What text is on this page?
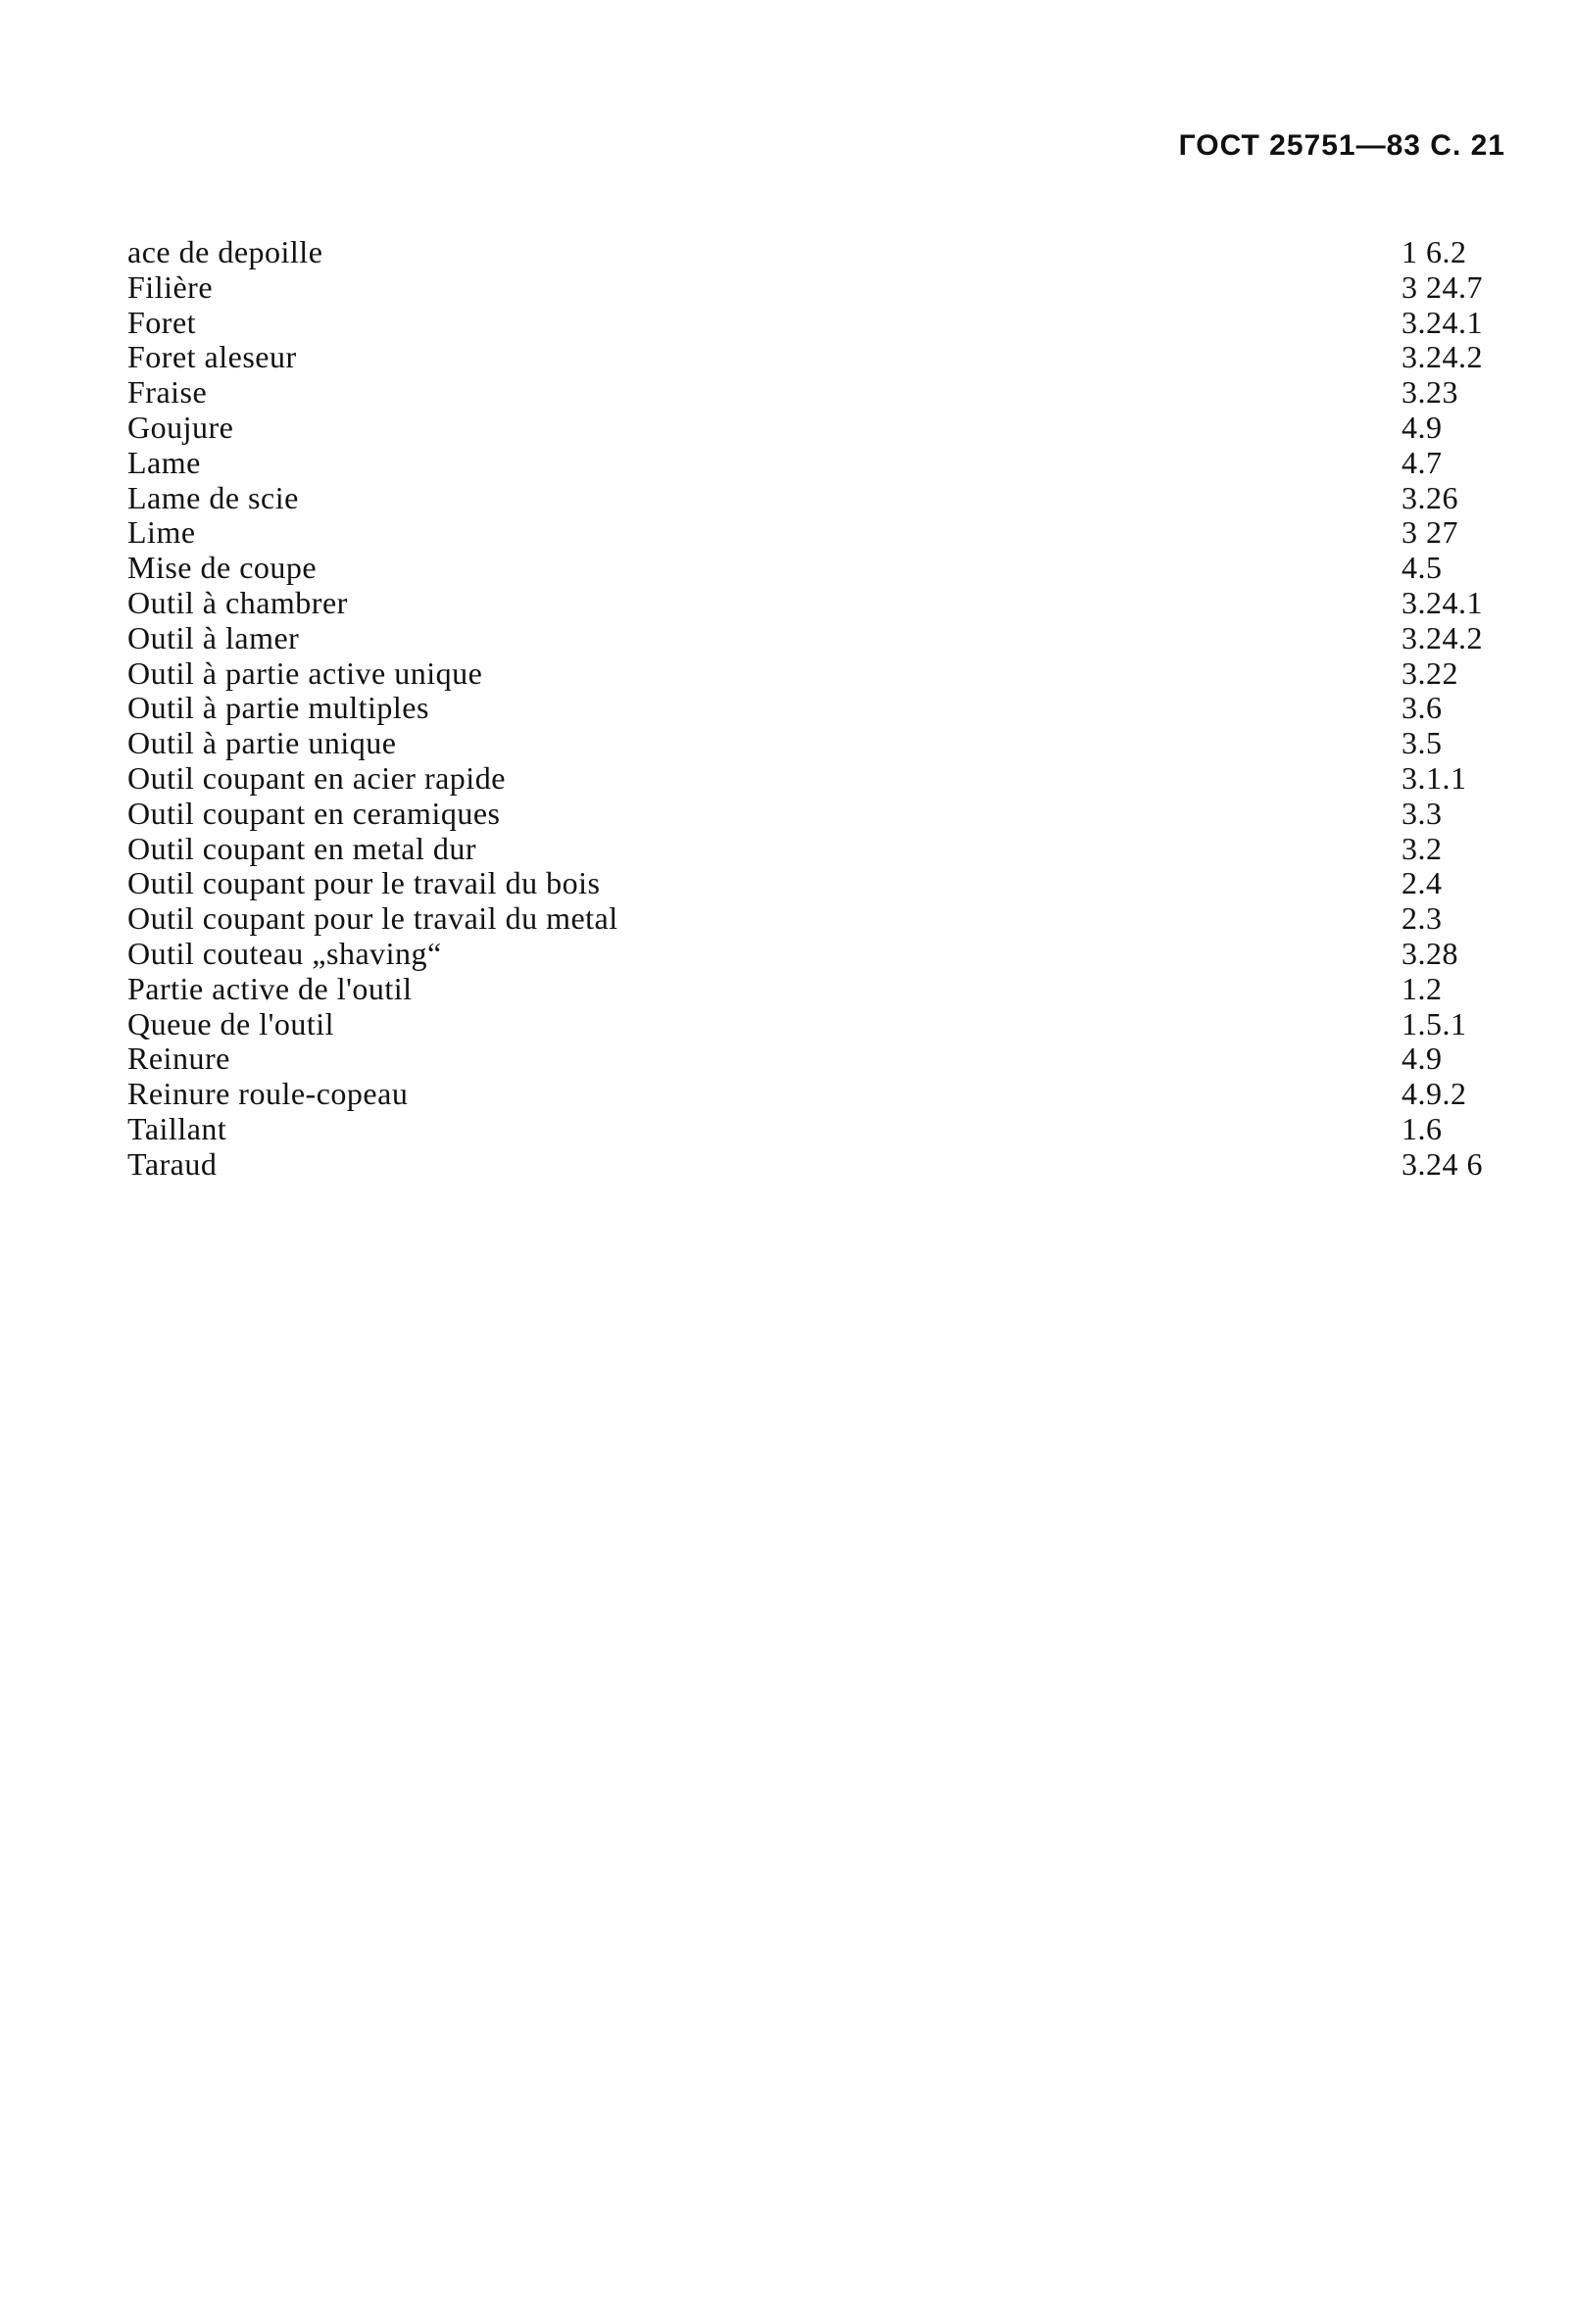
ГОСТ 25751—83 С. 21
ace de depoille	1 6.2
Filière	3 24.7
Foret	3.24.1
Foret aleseur	3.24.2
Fraise	3.23
Goujure	4.9
Lame	4.7
Lame de scie	3.26
Lime	3 27
Mise de coupe	4.5
Outil à chambrer	3.24.1
Outil à lamer	3.24.2
Outil à partie active unique	3.22
Outil à partie multiples	3.6
Outil à partie unique	3.5
Outil coupant en acier rapide	3.1.1
Outil coupant en ceramiques	3.3
Outil coupant en metal dur	3.2
Outil coupant pour le travail du bois	2.4
Outil coupant pour le travail du metal	2.3
Outil couteau „shaving“	3.28
Partie active de l'outil	1.2
Queue de l'outil	1.5.1
Reinure	4.9
Reinure roule-copeau	4.9.2
Taillant	1.6
Taraud	3.24 6
